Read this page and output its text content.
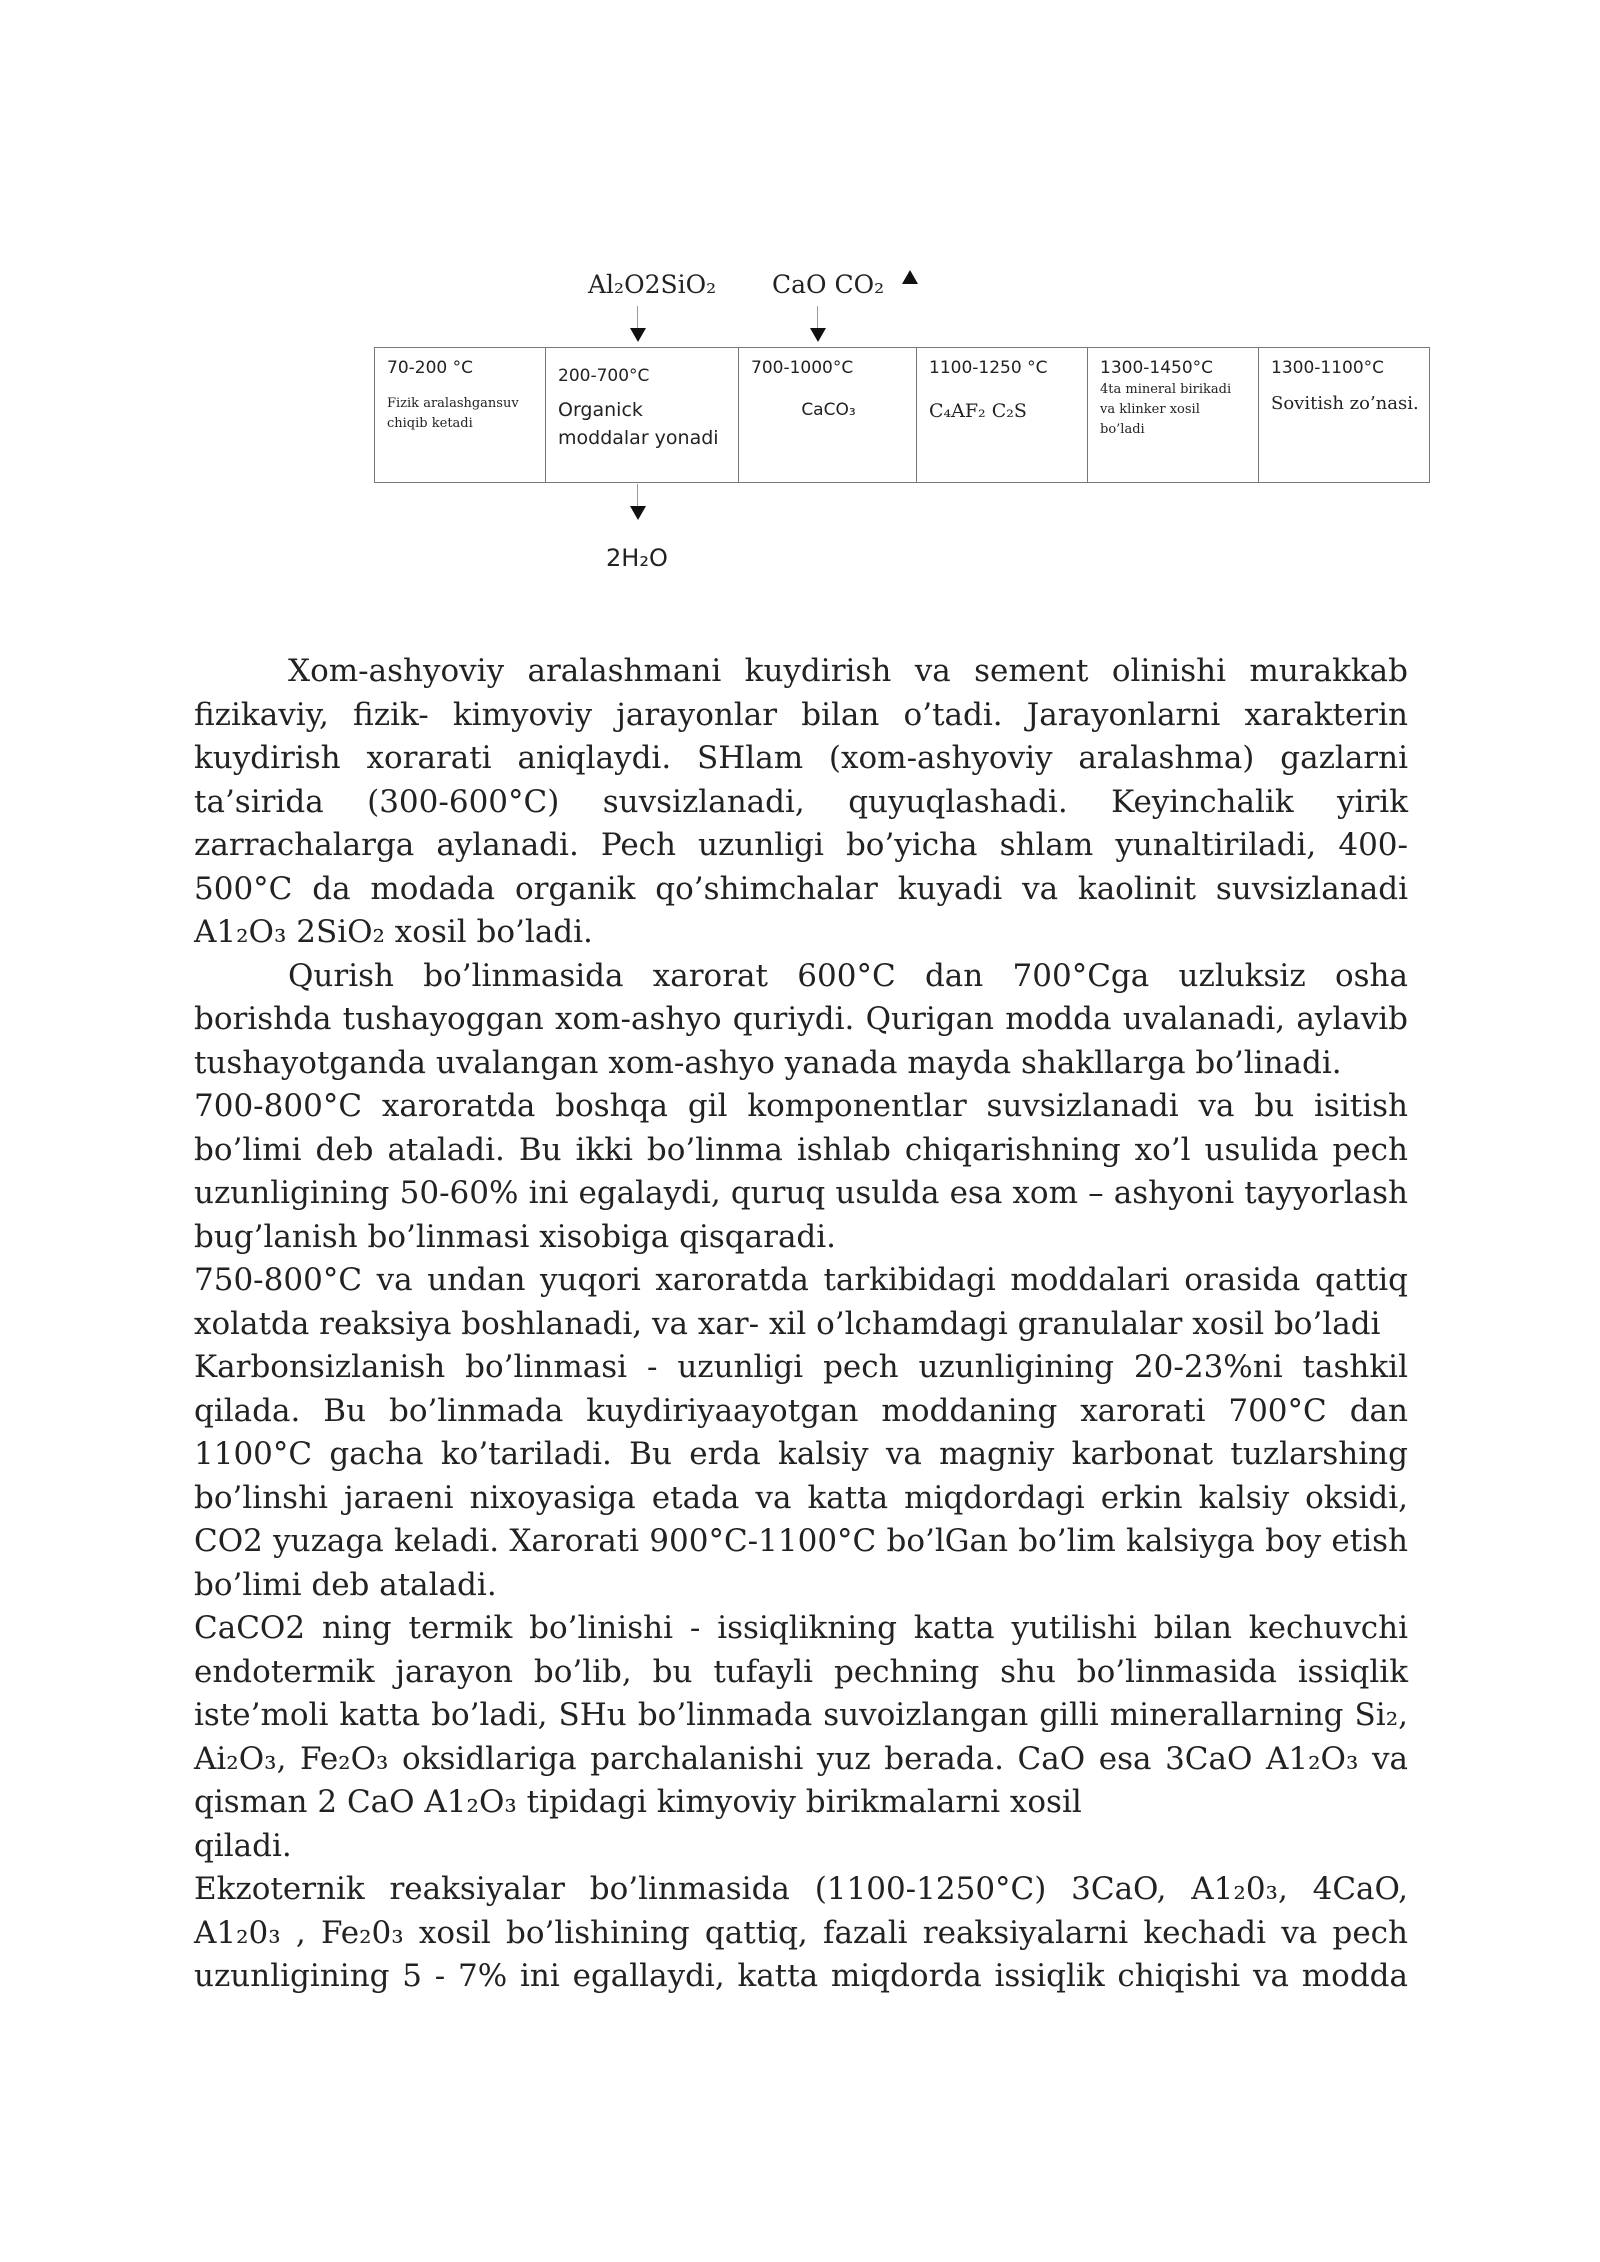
Al₂O2SiO₂ CaO CO₂
70-200 °C
Fizik aralashgansuv chiqib ketadi

200-700°C
Organick moddalar yonadi

700-1000°C
CaCO₃

1100-1250 °C
C₄AF₂ C₂S

1300-1450°C
4ta mineral birikadi va klinker xosil bo’ladi

1300-1100°C
Sovitish zo’nasi.
2H₂O

Xom-ashyoviy aralashmani kuydirish va sement olinishi murakkab fizikaviy, fizik- kimyoviy jarayonlar bilan o’tadi. Jarayonlarni xarakterin kuydirish xorarati aniqlaydi. SHlam (xom-ashyoviy aralashma) gazlarni ta’sirida (300-600°C) suvsizlanadi, quyuqlashadi. Keyinchalik yirik zarrachalarga aylanadi. Pech uzunligi bo’yicha shlam yunaltiriladi, 400- 500°C da modada organik qo’shimchalar kuyadi va kaolinit suvsizlanadi A1₂O₃ 2SiO₂ xosil bo’ladi.

Qurish bo’linmasida xarorat 600°C dan 700°Cga uzluksiz osha borishda tushayoggan xom-ashyo quriydi. Qurigan modda uvalanadi, aylavib tushayotganda uvalangan xom-ashyo yanada mayda shakllarga bo’linadi.

700-800°C xaroratda boshqa gil komponentlar suvsizlanadi va bu isitish bo’limi deb ataladi. Bu ikki bo’linma ishlab chiqarishning xo’l usulida pech uzunligining 50-60% ini egalaydi, quruq usulda esa xom – ashyoni tayyorlash bug’lanish bo’linmasi xisobiga qisqaradi.

750-800°C va undan yuqori xaroratda tarkibidagi moddalari orasida qattiq xolatda reaksiya boshlanadi, va xar- xil o’lchamdagi granulalar xosil bo’ladi

Karbonsizlanish bo’linmasi - uzunligi pech uzunligining 20-23%ni tashkil qilada. Bu bo’linmada kuydiriyaayotgan moddaning xarorati 700°C dan 1100°C gacha ko’tariladi. Bu erda kalsiy va magniy karbonat tuzlarshing bo’linshi jaraeni nixoyasiga etada va katta miqdordagi erkin kalsiy oksidi, CO2 yuzaga keladi. Xarorati 900°C-1100°C bo’lGan bo’lim kalsiyga boy etish bo’limi deb ataladi.

CaCO2 ning termik bo’linishi - issiqlikning katta yutilishi bilan kechuvchi endotermik jarayon bo’lib, bu tufayli pechning shu bo’linmasida issiqlik iste’moli katta bo’ladi, SHu bo’linmada suvoizlangan gilli minerallarning Si₂, Ai₂O₃, Fe₂O₃ oksidlariga parchalanishi yuz berada. CaO esa 3CaO A1₂O₃ va qisman 2 CaO A1₂O₃ tipidagi kimyoviy birikmalarni xosil

qiladi.

Ekzoternik reaksiyalar bo’linmasida (1100-1250°C) 3CaO, A1₂0₃, 4CaO, A1₂0₃ , Fe₂0₃ xosil bo’lishining qattiq, fazali reaksiyalarni kechadi va pech uzunligining 5 - 7% ini egallaydi, katta miqdorda issiqlik chiqishi va modda
